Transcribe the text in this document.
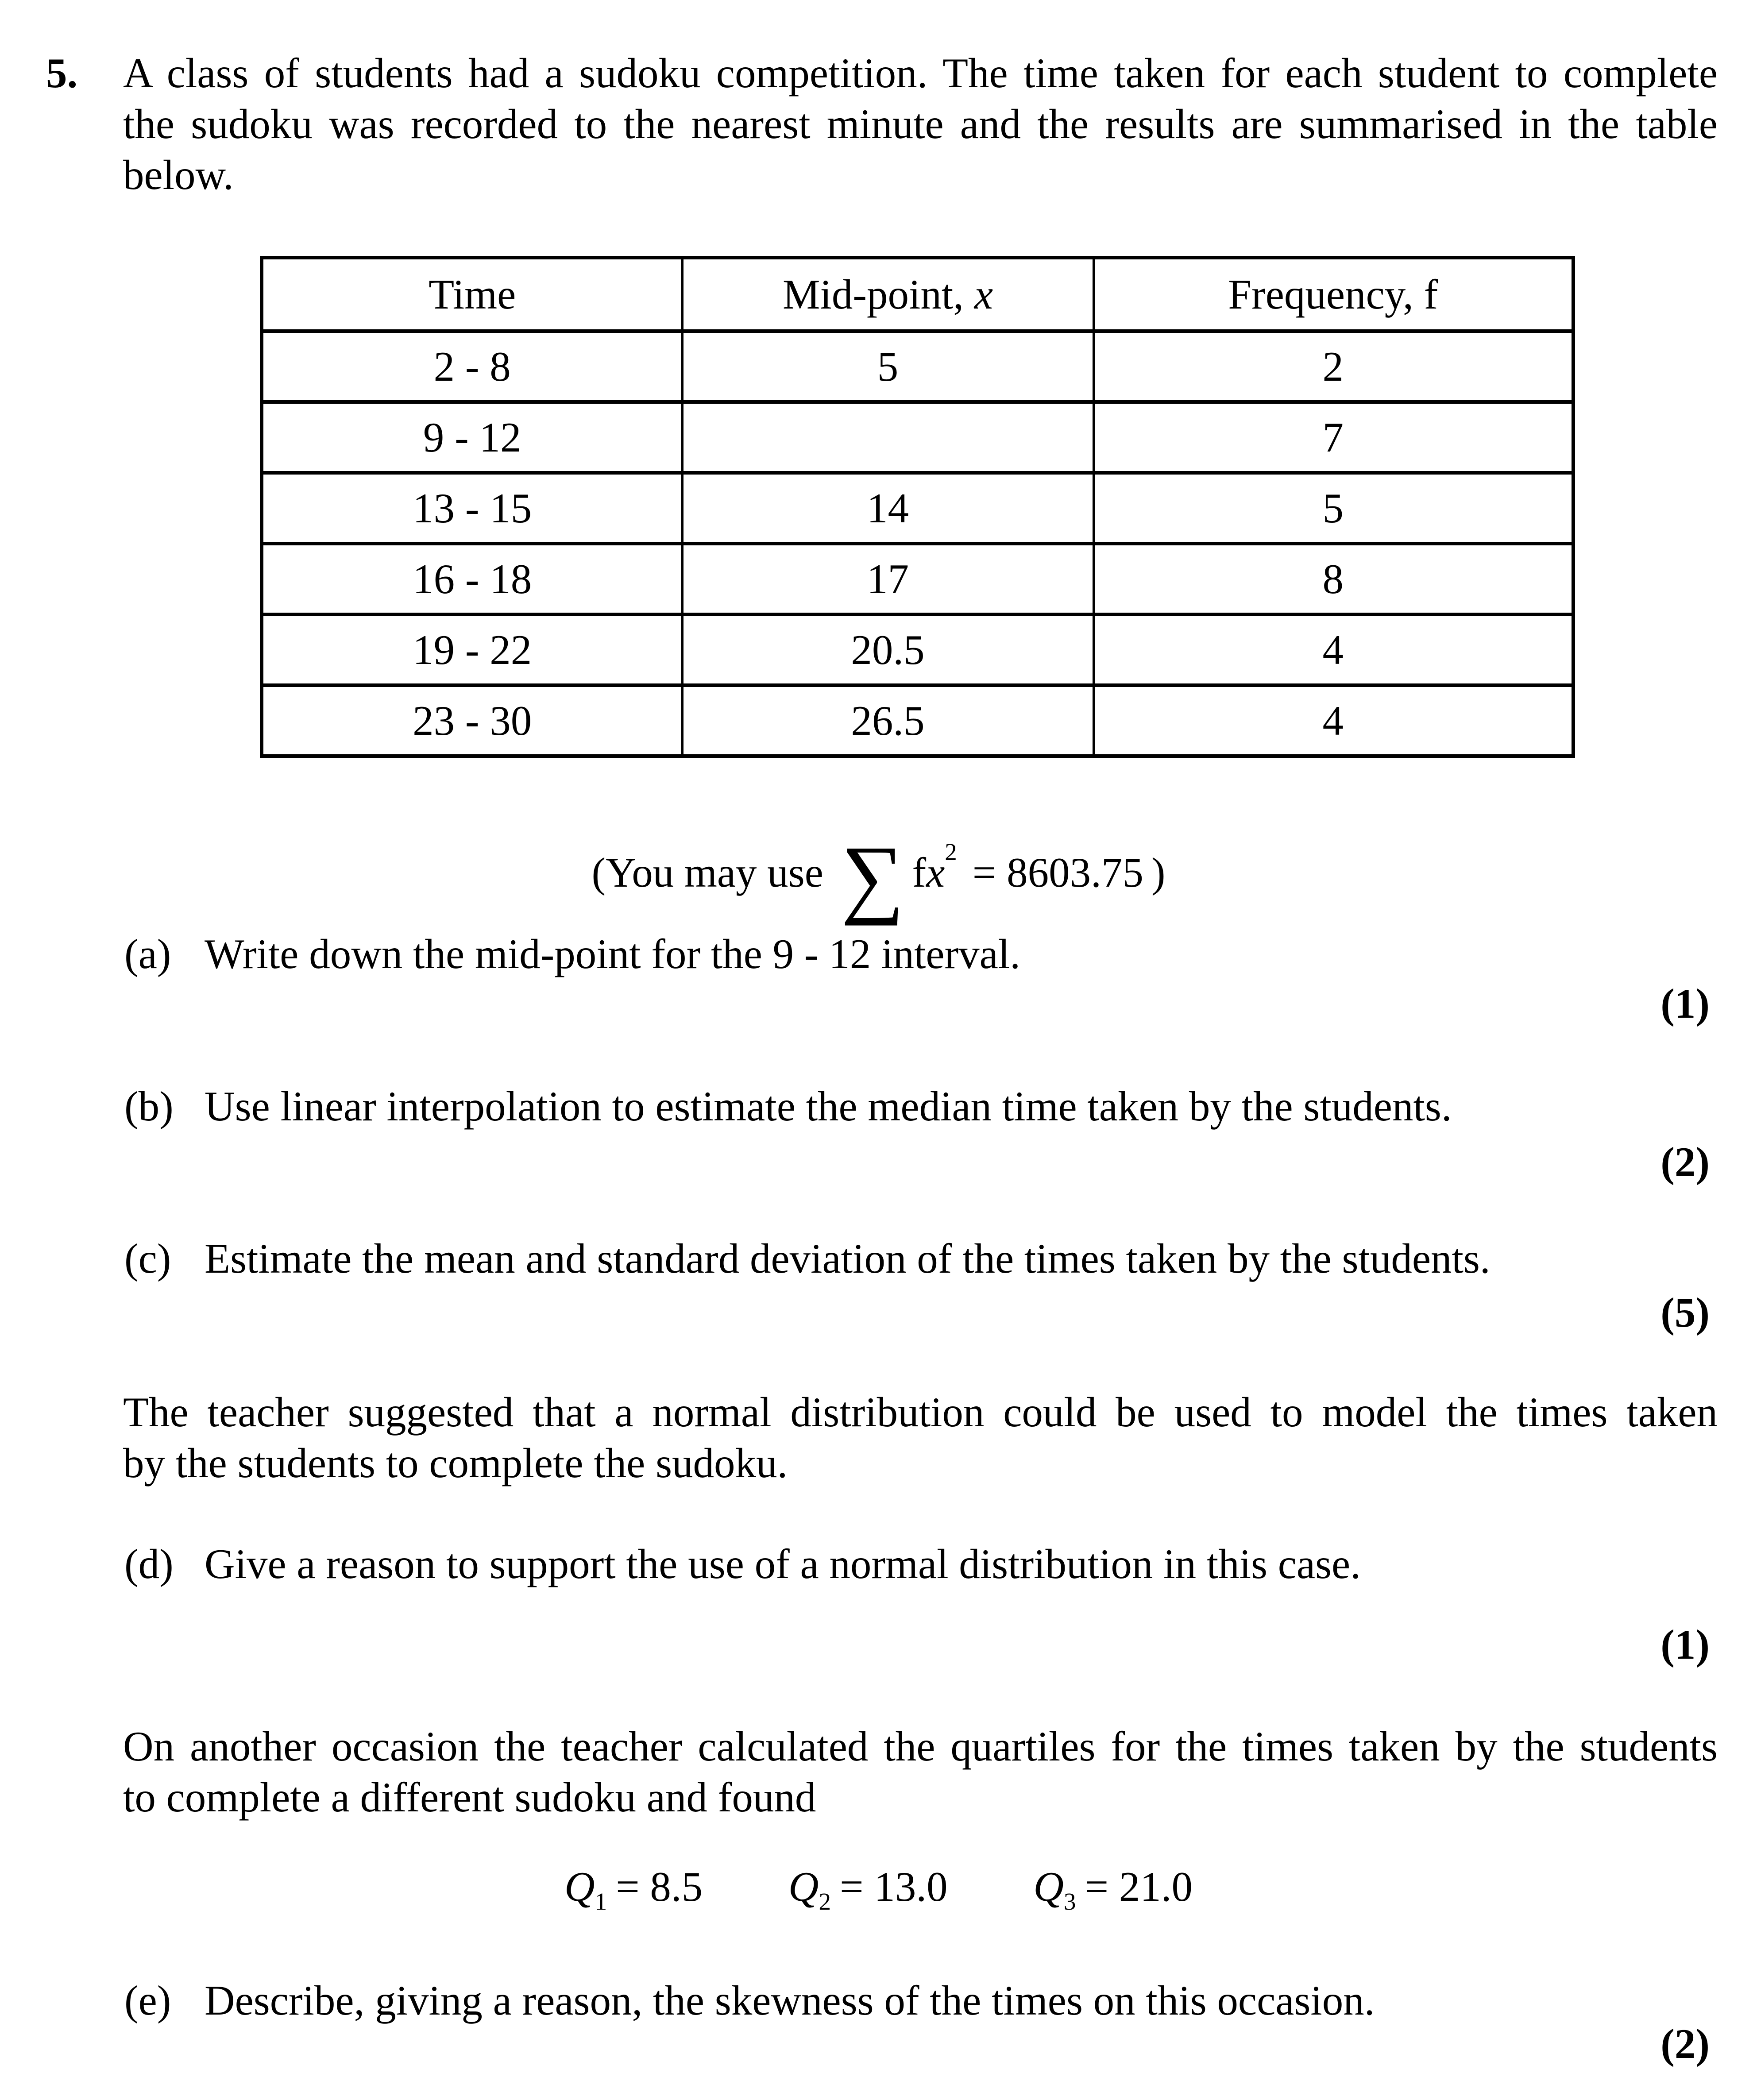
5. A class of students had a sudoku competition. The time taken for each student to complete
the sudoku was recorded to the nearest minute and the results are summarised in the table
below.
Time	Mid-point, x	Frequency, f
2 - 8	5	2
9 - 12		7
13 - 15	14	5
16 - 18	17	8
19 - 22	20.5	4
23 - 30	26.5	4
(You may use ∑ $fx^2 = 8603.75$ )
(a) Write down the mid-point for the 9 - 12 interval.
(1)
(b) Use linear interpolation to estimate the median time taken by the students.
(2)
(c) Estimate the mean and standard deviation of the times taken by the students.
(5)
The teacher suggested that a normal distribution could be used to model the times taken
by the students to complete the sudoku.
(d) Give a reason to support the use of a normal distribution in this case.
(1)
On another occasion the teacher calculated the quartiles for the times taken by the students
to complete a different sudoku and found
$Q_1 = 8.5$ $Q_2 = 13.0$ $Q_3 = 21.0$
(e) Describe, giving a reason, the skewness of the times on this occasion.
(2)
